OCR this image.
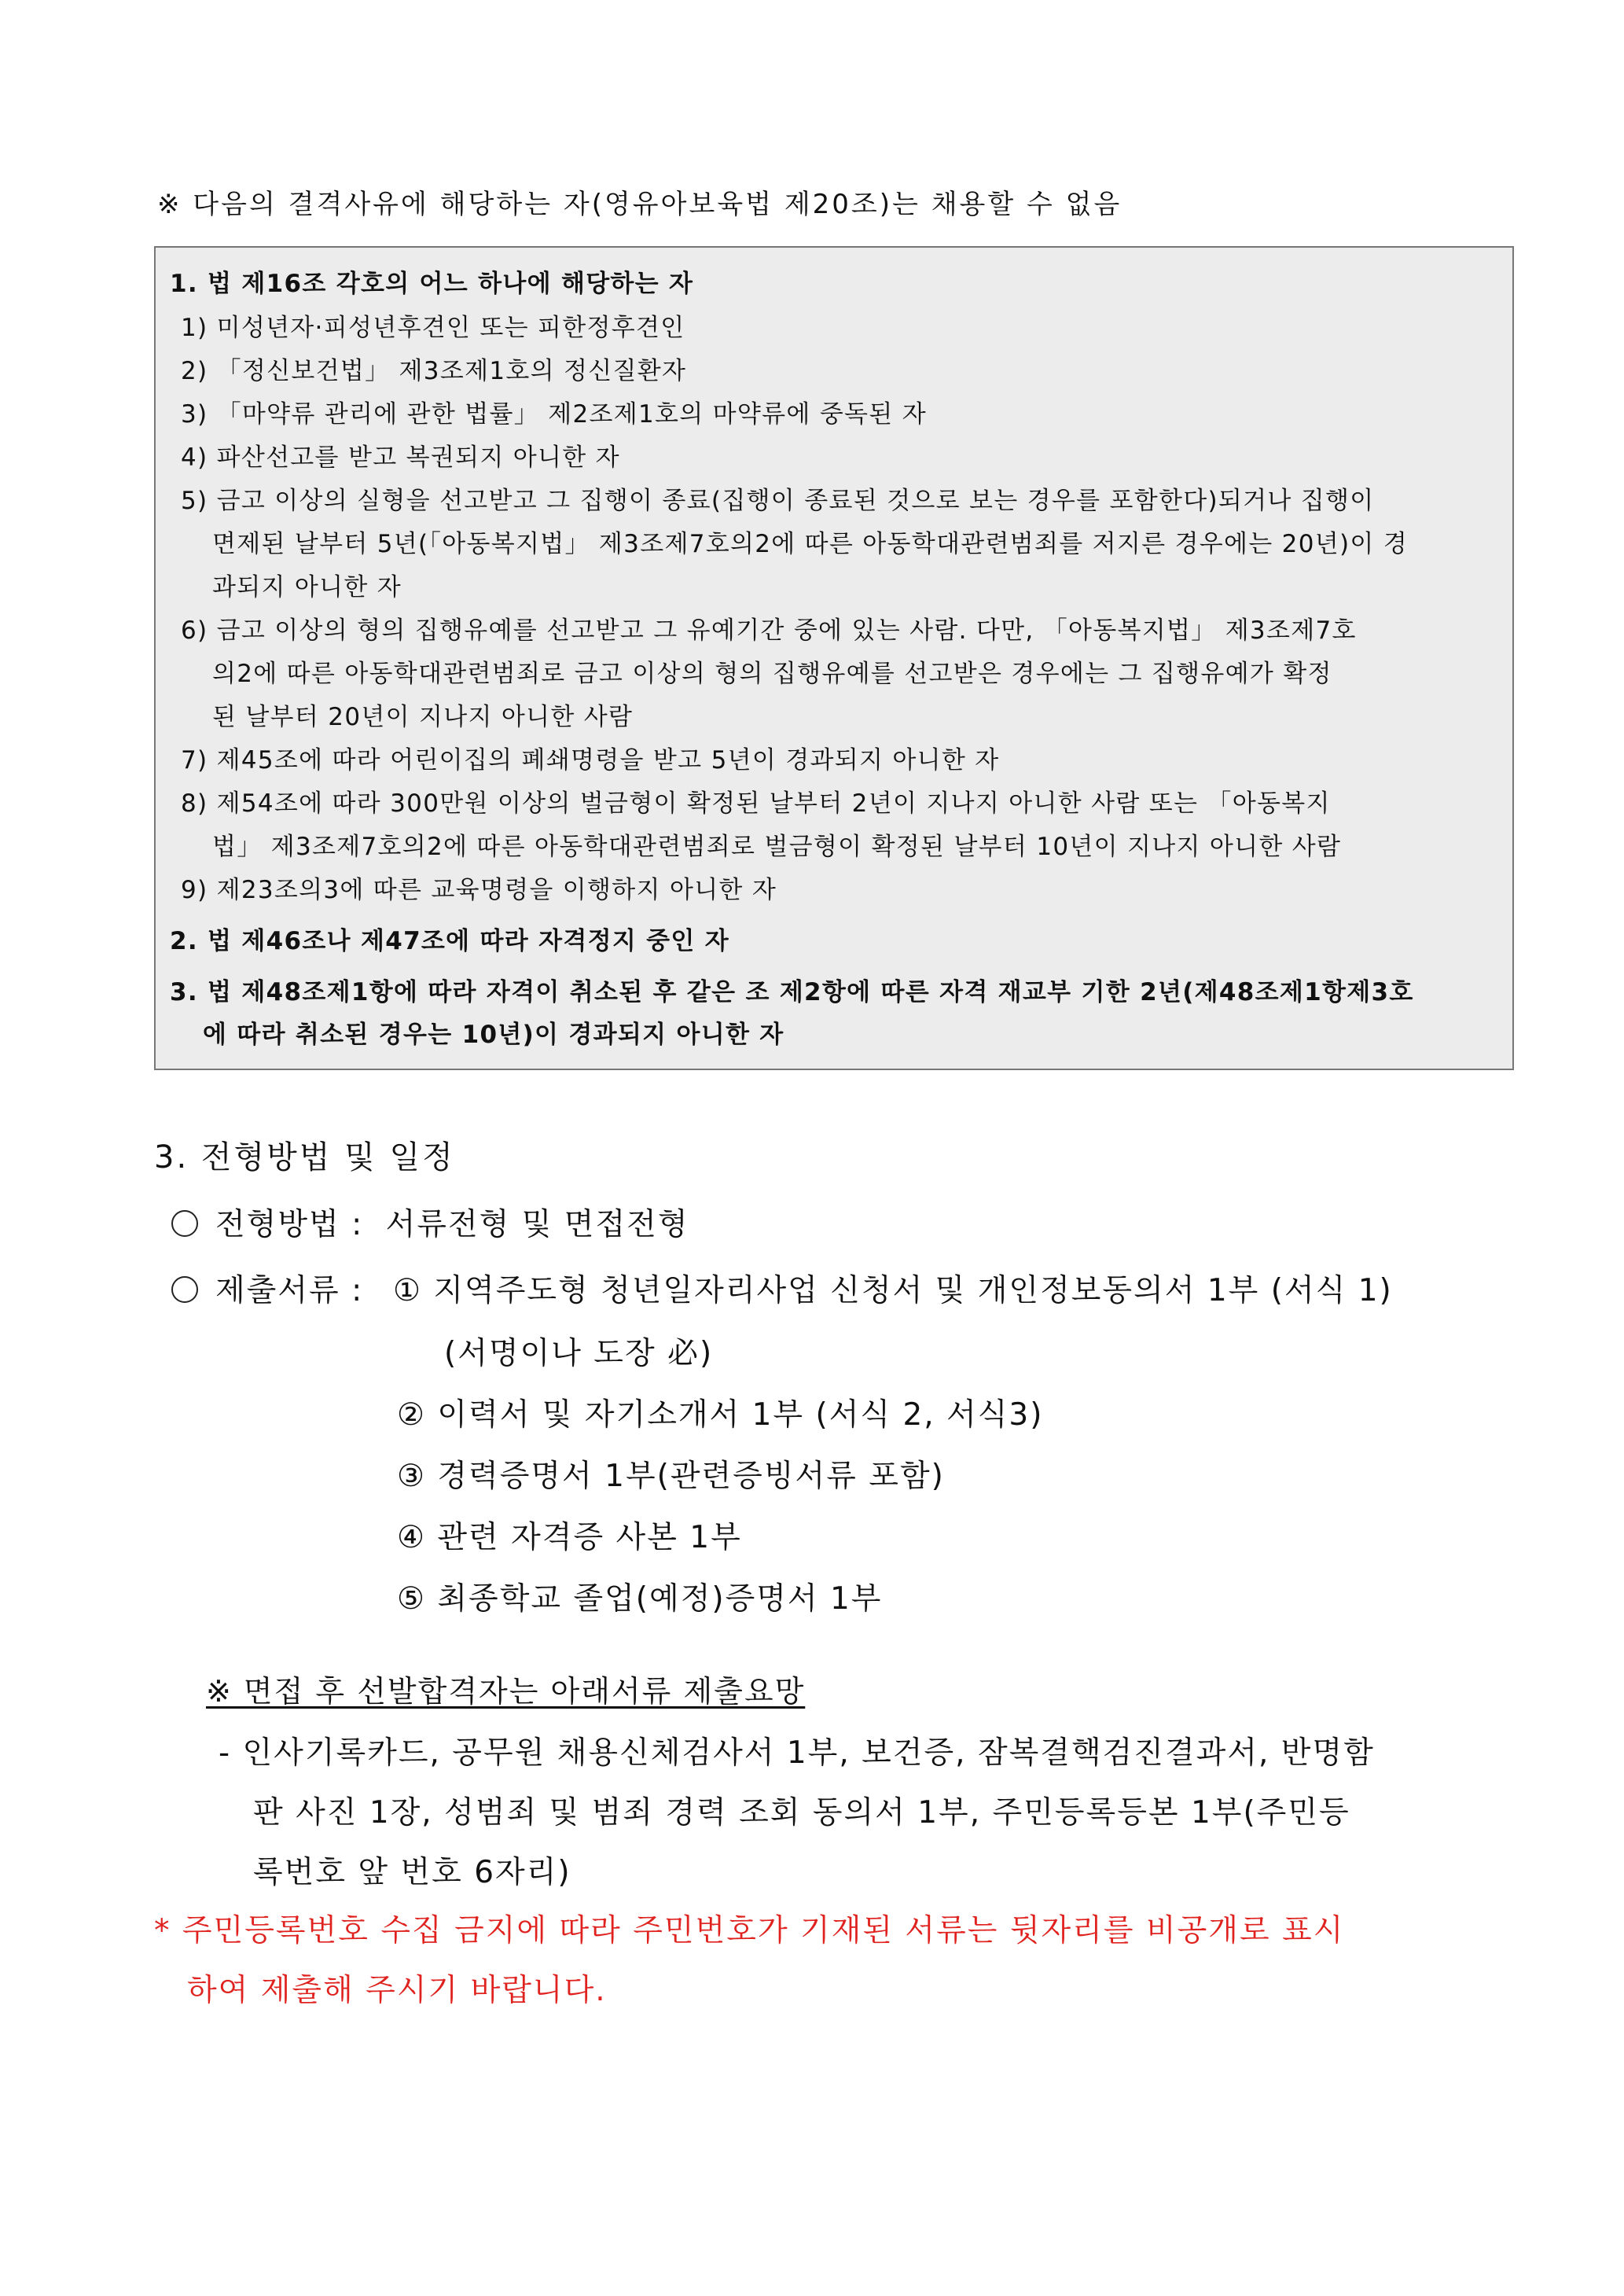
※ 다음의 결격사유에 해당하는 자(영유아보육법 제20조)는 채용할 수 없음
1. 법 제16조 각호의 어느 하나에 해당하는 자
1) 미성년자·피성년후견인 또는 피한정후견인
2) 「정신보건법」 제3조제1호의 정신질환자
3) 「마약류 관리에 관한 법률」 제2조제1호의 마약류에 중독된 자
4) 파산선고를 받고 복권되지 아니한 자
5) 금고 이상의 실형을 선고받고 그 집행이 종료(집행이 종료된 것으로 보는 경우를 포함한다)되거나 집행이
면제된 날부터 5년(「아동복지법」 제3조제7호의2에 따른 아동학대관련범죄를 저지른 경우에는 20년)이 경
과되지 아니한 자
6) 금고 이상의 형의 집행유예를 선고받고 그 유예기간 중에 있는 사람. 다만, 「아동복지법」 제3조제7호
의2에 따른 아동학대관련범죄로 금고 이상의 형의 집행유예를 선고받은 경우에는 그 집행유예가 확정
된 날부터 20년이 지나지 아니한 사람
7) 제45조에 따라 어린이집의 폐쇄명령을 받고 5년이 경과되지 아니한 자
8) 제54조에 따라 300만원 이상의 벌금형이 확정된 날부터 2년이 지나지 아니한 사람 또는 「아동복지
법」 제3조제7호의2에 따른 아동학대관련범죄로 벌금형이 확정된 날부터 10년이 지나지 아니한 사람
9) 제23조의3에 따른 교육명령을 이행하지 아니한 자
2. 법 제46조나 제47조에 따라 자격정지 중인 자
3. 법 제48조제1항에 따라 자격이 취소된 후 같은 조 제2항에 따른 자격 재교부 기한 2년(제48조제1항제3호
에 따라 취소된 경우는 10년)이 경과되지 아니한 자
3. 전형방법 및 일정
전형방법 : 서류전형 및 면접전형
제출서류 : ① 지역주도형 청년일자리사업 신청서 및 개인정보동의서 1부 (서식 1)
(서명이나 도장 必)
② 이력서 및 자기소개서 1부 (서식 2, 서식3)
③ 경력증명서 1부(관련증빙서류 포함)
④ 관련 자격증 사본 1부
⑤ 최종학교 졸업(예정)증명서 1부
※ 면접 후 선발합격자는 아래서류 제출요망
- 인사기록카드, 공무원 채용신체검사서 1부, 보건증, 잠복결핵검진결과서, 반명함
판 사진 1장, 성범죄 및 범죄 경력 조회 동의서 1부, 주민등록등본 1부(주민등
록번호 앞 번호 6자리)
* 주민등록번호 수집 금지에 따라 주민번호가 기재된 서류는 뒷자리를 비공개로 표시
하여 제출해 주시기 바랍니다.
